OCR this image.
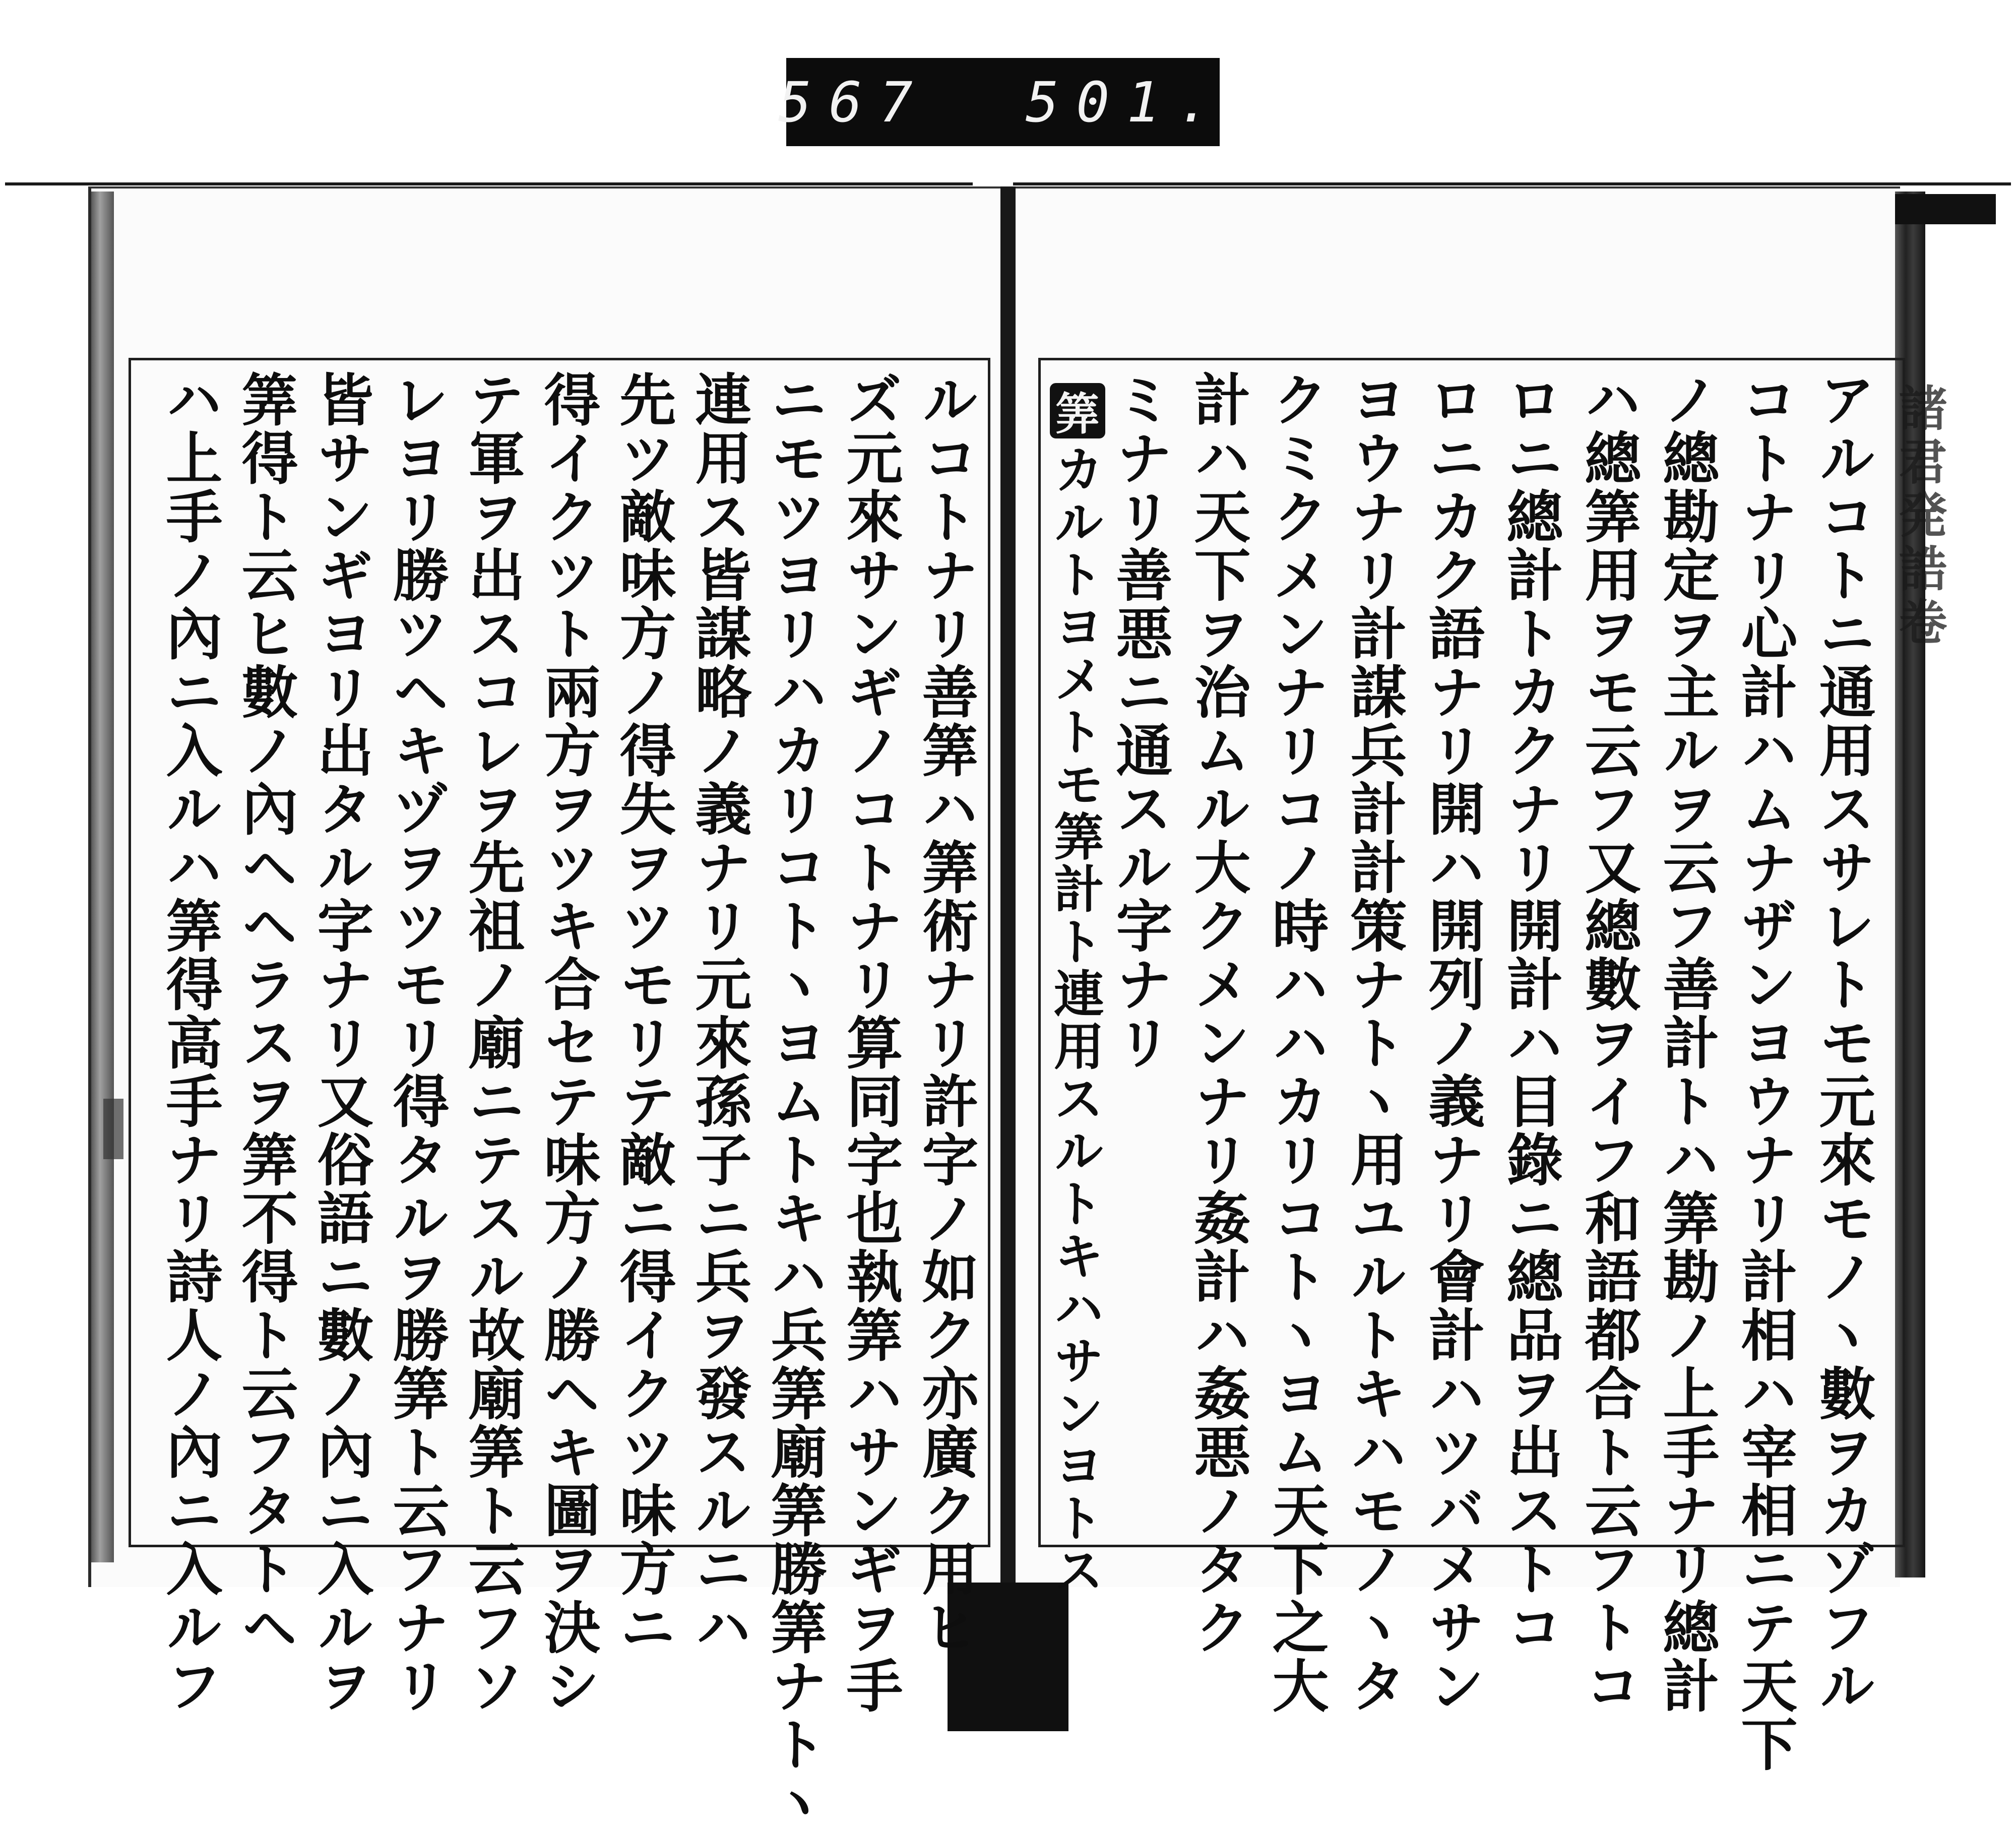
567 501.
諸君発誥卷
アルコトニ通用スサレトモ元來モノヽ數ヲカゾフル
コトナリ心計ハムナザンヨウナリ計相ハ宰相ニテ天下
ノ總勘定ヲ主ルヲ云フ善計トハ筭勘ノ上手ナリ總計
ハ總筭用ヲモ云フ又總數ヲイフ和語都合ト云フトコ
ロニ總計トカクナリ開計ハ目錄ニ總品ヲ出ストコ
ロニカク語ナリ開ハ開列ノ義ナリ會計ハツバメサン
ヨウナリ計謀兵計計策ナトヽ用ユルトキハモノヽタ
クミクメンナリコノ時ハハカリコトヽヨム天下之大
計ハ天下ヲ治ムル大クメンナリ姦計ハ姦悪ノタク
ミナリ善悪ニ通スル字ナリ
筭
カルトヨメトモ筭計ト連用スルトキハサンヨトス
ルコトナリ善筭ハ筭術ナリ許字ノ如ク亦廣ク用ヒ
ズ元來サンギノコトナリ算同字也執筭ハサンギヲ手
ニモツヨリハカリコトヽヨムトキハ兵筭廟筭勝筭ナトヽ
連用ス皆謀略ノ義ナリ元來孫子ニ兵ヲ發スルニハ
先ツ敵味方ノ得失ヲツモリテ敵ニ得イクツ味方ニ
得イクツト兩方ヲツキ合セテ味方ノ勝ヘキ圖ヲ決シ
テ軍ヲ出スコレヲ先祖ノ廟ニテスル故廟筭ト云フソ
レヨリ勝ツヘキヅヲツモリ得タルヲ勝筭ト云フナリ
皆サンギヨリ出タル字ナリ又俗語ニ數ノ內ニ入ルヲ
筭得ト云ヒ數ノ內ヘヘラスヲ筭不得ト云フタトヘ
ハ上手ノ內ニ入ルハ筭得高手ナリ詩人ノ內ニ入ルフ
